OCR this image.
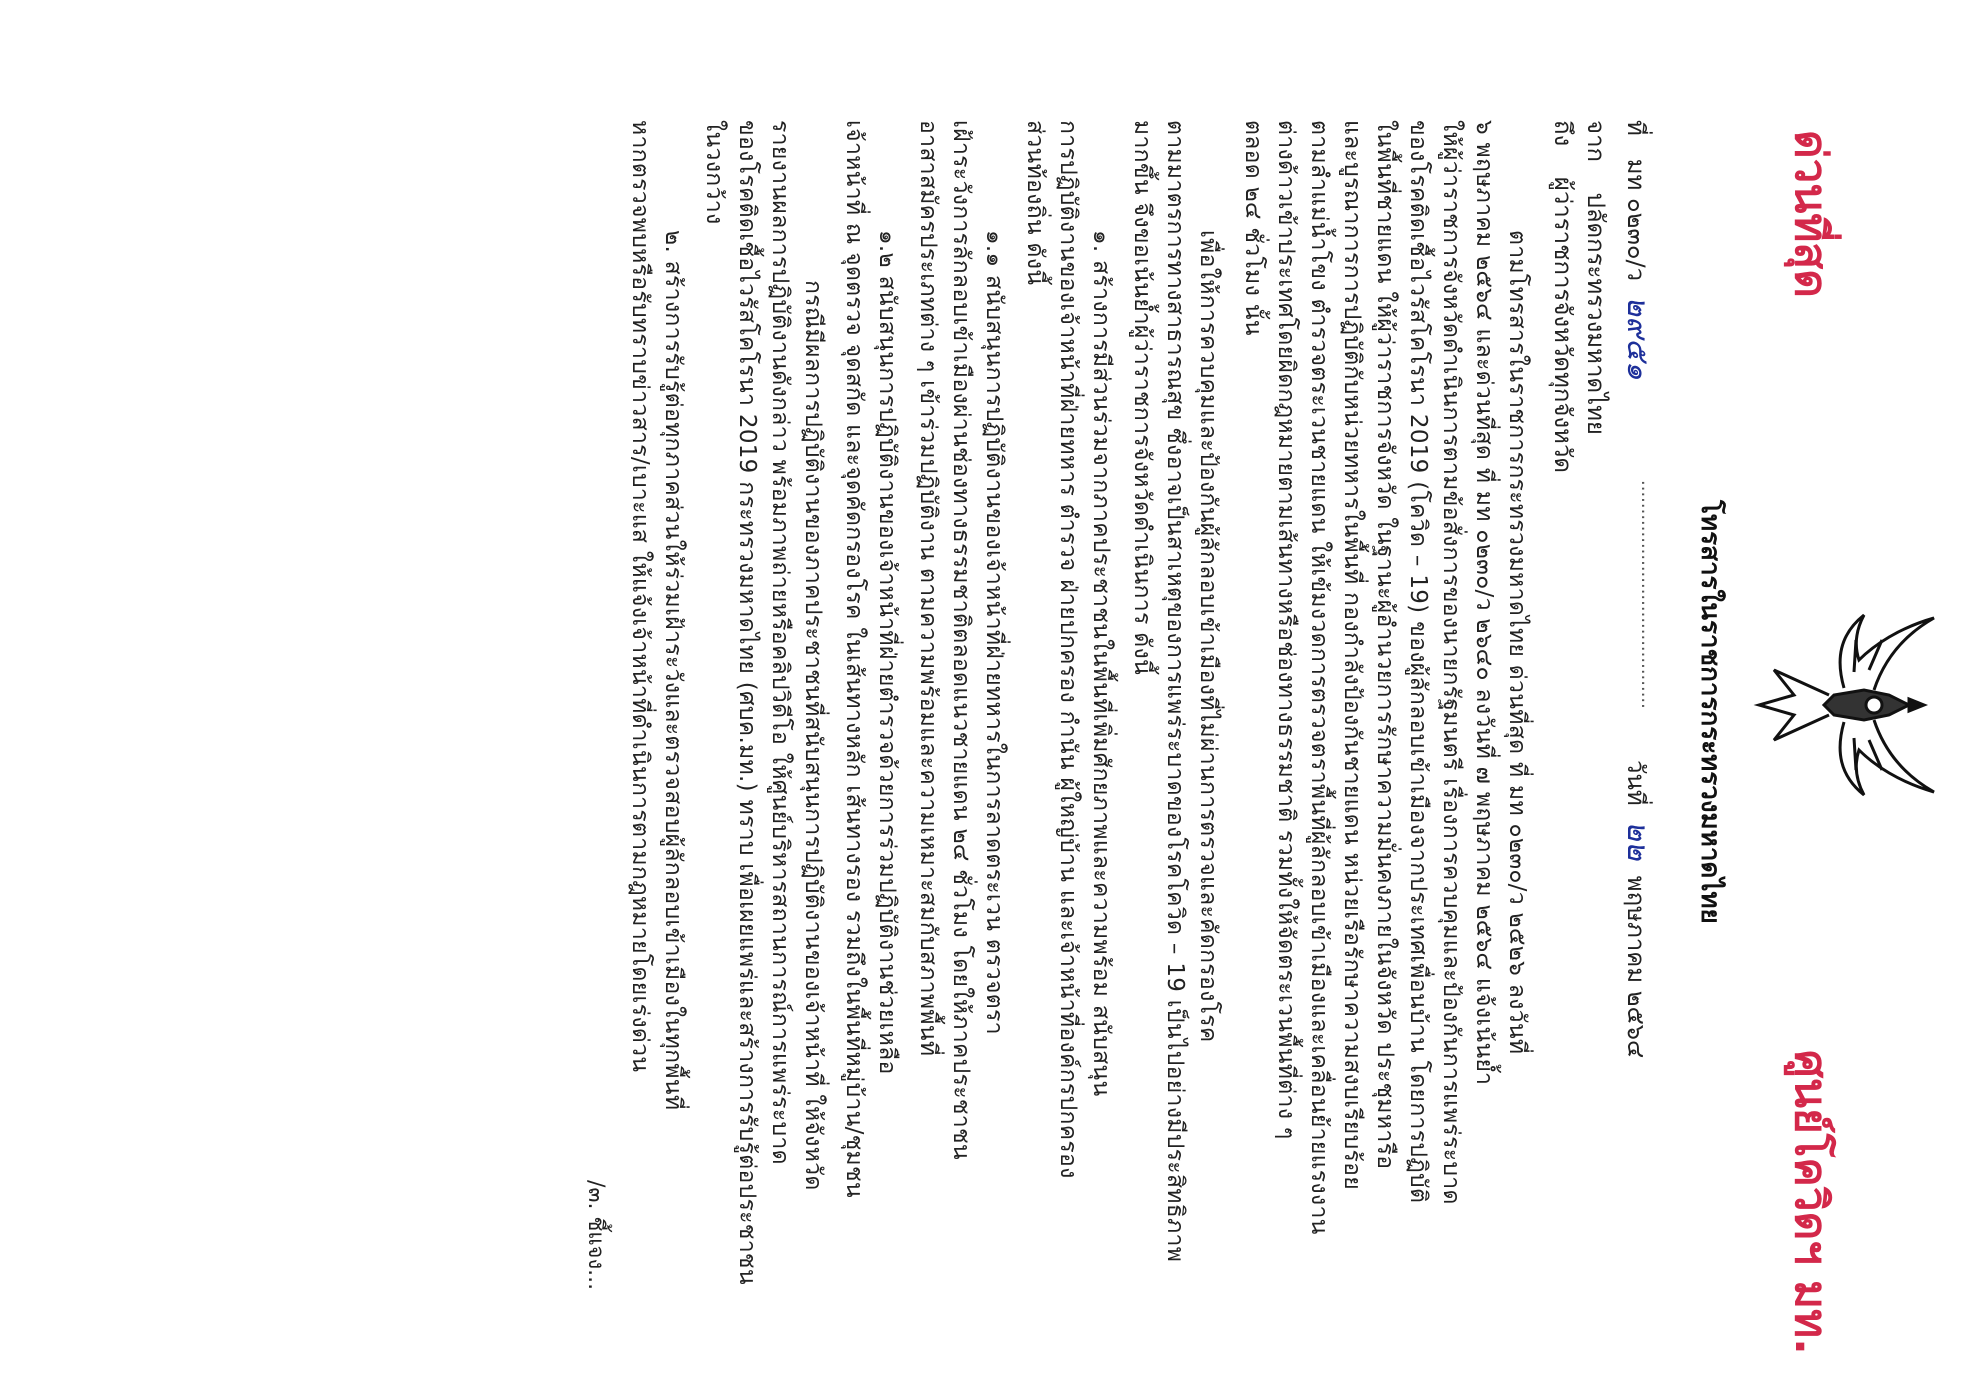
ด่วนที่สุด
ศูนย์โควิดฯ มท.
โทรสารในราชการกระทรวงมหาดไทย
ที่   มท ๐๒๓๐/ว  ๒๙๕๑
........................................
วันที่  ๒๒  พฤษภาคม ๒๕๖๔
จาก    ปลัดกระทรวงมหาดไทย
ถึง    ผู้ว่าราชการจังหวัดทุกจังหวัด
ตามโทรสารในราชการกระทรวงมหาดไทย ด่วนที่สุด ที่ มท ๐๒๓๐/ว ๒๕๒๖ ลงวันที่
๖ พฤษภาคม ๒๕๖๔ และด่วนที่สุด ที่ มท ๐๒๓๐/ว ๒๖๔๐ ลงวันที่ ๗ พฤษภาคม ๒๕๖๔ แจ้งเน้นย้ำ
ให้ผู้ว่าราชการจังหวัดดำเนินการตามข้อสั่งการของนายกรัฐมนตรี เรื่องการควบคุมและป้องกันการแพร่ระบาด
ของโรคติดเชื้อไวรัสโคโรนา 2019 (โควิด – 19) ของผู้ลักลอบเข้าเมืองจากประเทศเพื่อนบ้าน โดยการปฏิบัติ
ในพื้นที่ชายแดน ให้ผู้ว่าราชการจังหวัด ในฐานะผู้อำนวยการรักษาความมั่นคงภายในจังหวัด ประชุมหารือ
และบูรณาการการปฏิบัติกับหน่วยทหารในพื้นที่ กองกำลังป้องกันชายแดน หน่วยเรือรักษาความสงบเรียบร้อย
ตามลำแม่น้ำโขง ตำรวจตระเวนชายแดน ให้เข้มงวดการตรวจตราพื้นที่ผู้ลักลอบเข้าเมืองและเคลื่อนย้ายแรงงาน
ต่างด้าวเข้าประเทศโดยผิดกฎหมายตามเส้นทางหรือช่องทางธรรมชาติ รวมทั้งให้จัดตระเวนพื้นที่ต่าง ๆ
ตลอด ๒๔ ชั่วโมง นั้น
เพื่อให้การควบคุมและป้องกันผู้ลักลอบเข้าเมืองที่ไม่ผ่านการตรวจและคัดกรองโรค
ตามมาตรการทางสาธารณสุข ซึ่งอาจเป็นสาเหตุของการแพร่ระบาดของโรคโควิด – 19 เป็นไปอย่างมีประสิทธิภาพ
มากขึ้น จึงขอเน้นย้ำผู้ว่าราชการจังหวัดดำเนินการ ดังนี้
๑. สร้างการมีส่วนร่วมจากภาคประชาชนในพื้นที่เพิ่มศักยภาพและความพร้อม สนับสนุน
การปฏิบัติงานของเจ้าหน้าที่ฝ่ายทหาร ตำรวจ ฝ่ายปกครอง กำนัน ผู้ใหญ่บ้าน และเจ้าหน้าที่องค์กรปกครอง
ส่วนท้องถิ่น ดังนี้
๑.๑ สนับสนุนการปฏิบัติงานของเจ้าหน้าที่ฝ่ายทหารในการลาดตระเวน ตรวจตรา
เฝ้าระวังการลักลอบเข้าเมืองผ่านช่องทางธรรมชาติตลอดแนวชายแดน ๒๔ ชั่วโมง โดยให้ภาคประชาชน
อาสาสมัครประเภทต่าง ๆ เข้าร่วมปฏิบัติงาน ตามความพร้อมและความเหมาะสมกับสภาพพื้นที่
๑.๒ สนับสนุนการปฏิบัติงานของเจ้าหน้าที่ฝ่ายตำรวจด้วยการร่วมปฏิบัติงานช่วยเหลือ
เจ้าหน้าที่ ณ จุดตรวจ จุดสกัด และจุดคัดกรองโรค ในเส้นทางหลัก เส้นทางรอง รวมถึงในพื้นที่หมู่บ้าน/ชุมชน
กรณีมีผลการปฏิบัติงานของภาคประชาชนที่สนับสนุนการปฏิบัติงานของเจ้าหน้าที่ ให้จังหวัด
รายงานผลการปฏิบัติงานดังกล่าว พร้อมภาพถ่ายหรือคลิปวิดีโอ ให้ศูนย์บริหารสถานการณ์การแพร่ระบาด
ของโรคติดเชื้อไวรัสโคโรนา 2019 กระทรวงมหาดไทย (ศบค.มท.) ทราบ เพื่อเผยแพร่และสร้างการรับรู้ต่อประชาชน
ในวงกว้าง
๒. สร้างการรับรู้ต่อทุกภาคส่วนให้ร่วมเฝ้าระวังและตรวจสอบผู้ลักลอบเข้าเมืองในทุกพื้นที่
หากตรวจพบหรือรับทราบข่าวสาร/เบาะแส ให้แจ้งเจ้าหน้าที่ดำเนินการตามกฎหมายโดยเร่งด่วน
/๓. ชี้แจง...
